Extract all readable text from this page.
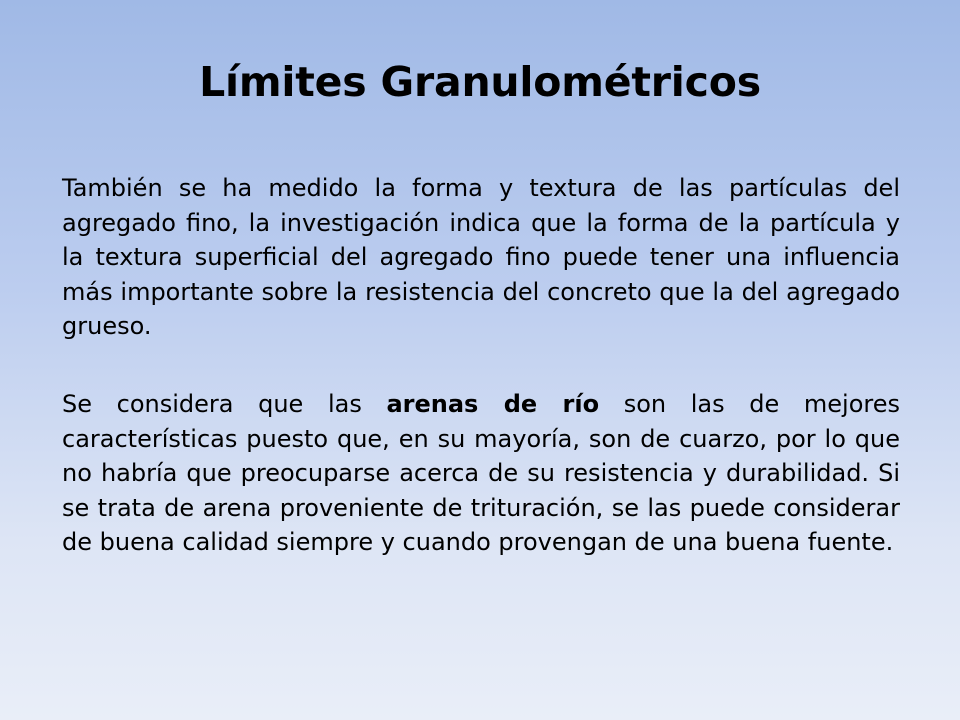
Límites Granulométricos

También se ha medido la forma y textura de las partículas del agregado fino, la investigación indica que la forma de la partícula y la textura superficial del agregado fino puede tener una influencia más importante sobre la resistencia del concreto que la del agregado grueso.

Se considera que las arenas de río son las de mejores características puesto que, en su mayoría, son de cuarzo, por lo que no habría que preocuparse acerca de su resistencia y durabilidad. Si se trata de arena proveniente de trituración, se las puede considerar de buena calidad siempre y cuando provengan de una buena fuente.
